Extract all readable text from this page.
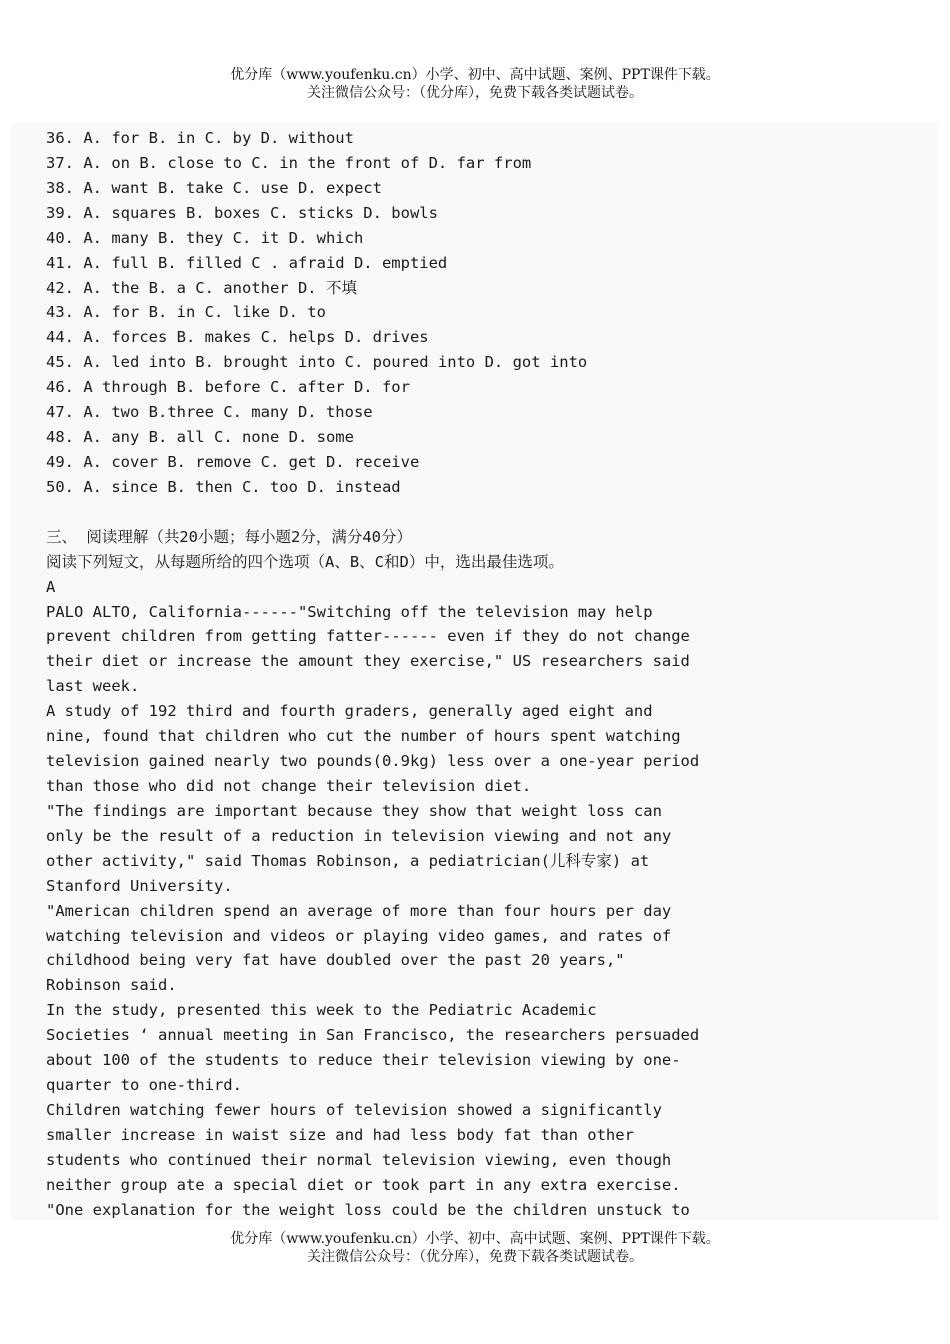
优分库（www.youfenku.cn）小学、初中、高中试题、案例、PPT课件下载。
关注微信公众号：（优分库），免费下载各类试题试卷。
36. A. for B. in C. by D. without
37. A. on B. close to C. in the front of D. far from
38. A. want B. take C. use D. expect
39. A. squares B. boxes C. sticks D. bowls
40. A. many B. they C. it D. which
41. A. full B. filled C . afraid D. emptied
42. A. the B. a C. another D. 不填
43. A. for B. in C. like D. to
44. A. forces B. makes C. helps D. drives
45. A. led into B. brought into C. poured into D. got into
46. A through B. before C. after D. for
47. A. two B.three C. many D. those
48. A. any B. all C. none D. some
49. A. cover B. remove C. get D. receive
50. A. since B. then C. too D. instead
三、 阅读理解（共20小题；每小题2分，满分40分）
阅读下列短文，从每题所给的四个选项（A、B、C和D）中，选出最佳选项。
A
PALO ALTO, California------"Switching off the television may help
prevent children from getting fatter------ even if they do not change
their diet or increase the amount they exercise," US researchers said
last week.
A study of 192 third and fourth graders, generally aged eight and
nine, found that children who cut the number of hours spent watching
television gained nearly two pounds(0.9kg) less over a one-year period
than those who did not change their television diet.
"The findings are important because they show that weight loss can
only be the result of a reduction in television viewing and not any
other activity," said Thomas Robinson, a pediatrician(儿科专家) at
Stanford University.
"American children spend an average of more than four hours per day
watching television and videos or playing video games, and rates of
childhood being very fat have doubled over the past 20 years,"
Robinson said.
In the study, presented this week to the Pediatric Academic
Societies ‘ annual meeting in San Francisco, the researchers persuaded
about 100 of the students to reduce their television viewing by one-
quarter to one-third.
Children watching fewer hours of television showed a significantly
smaller increase in waist size and had less body fat than other
students who continued their normal television viewing, even though
neither group ate a special diet or took part in any extra exercise.
"One explanation for the weight loss could be the children unstuck to
优分库（www.youfenku.cn）小学、初中、高中试题、案例、PPT课件下载。
关注微信公众号：（优分库），免费下载各类试题试卷。
